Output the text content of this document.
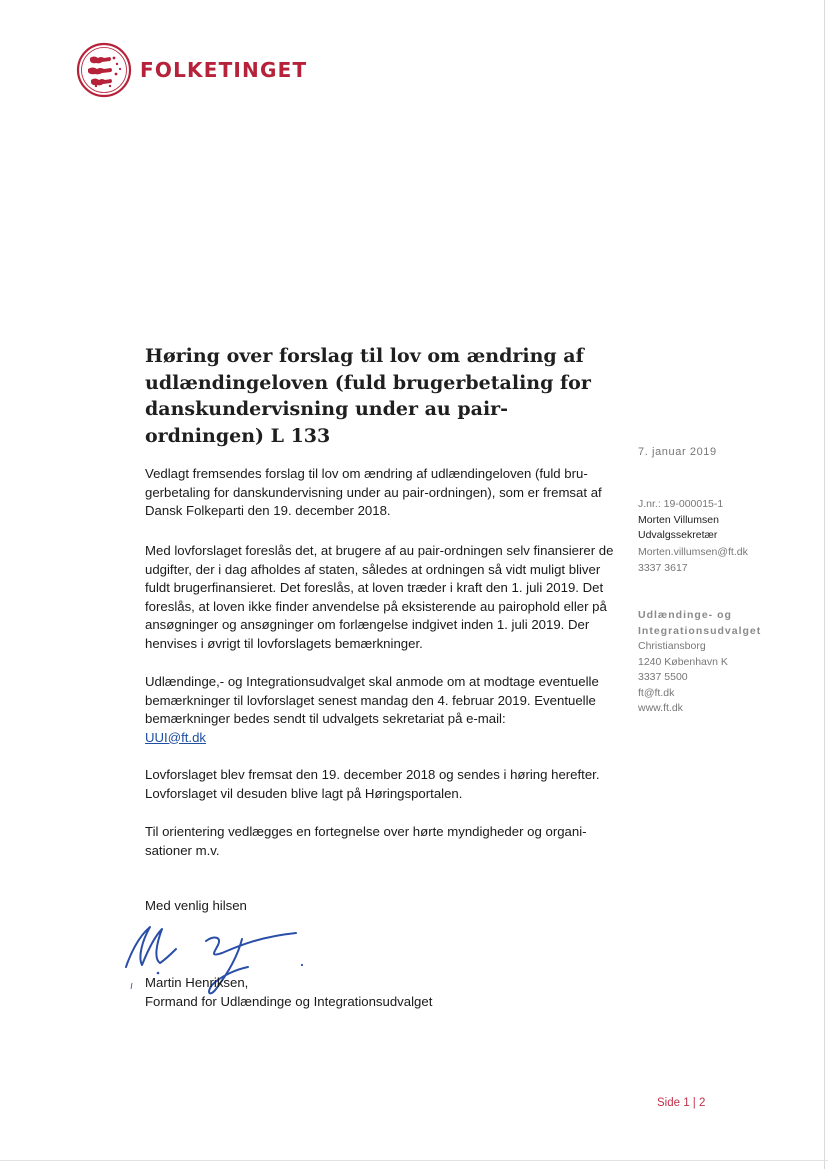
FOLKETINGET
Høring over forslag til lov om ændring af udlændingeloven (fuld brugerbetaling for danskundervisning under au pair-ordningen) L 133

Vedlagt fremsendes forslag til lov om ændring af udlændingeloven (fuld brugerbetaling for danskundervisning under au pair-ordningen), som er fremsat af Dansk Folkeparti den 19. december 2018.

Med lovforslaget foreslås det, at brugere af au pair-ordningen selv finansierer de udgifter, der i dag afholdes af staten, således at ordningen så vidt muligt bliver fuldt brugerfinansieret. Det foreslås, at loven træder i kraft den 1. juli 2019. Det foreslås, at loven ikke finder anvendelse på eksisterende au pairophold eller på ansøgninger og ansøgninger om forlængelse indgivet inden 1. juli 2019. Der henvises i øvrigt til lovforslagets bemærkninger.

Udlændinge,- og Integrationsudvalget skal anmode om at modtage eventuelle bemærkninger til lovforslaget senest mandag den 4. februar 2019. Eventuelle bemærkninger bedes sendt til udvalgets sekretariat på e-mail:

UUI@ft.dk

Lovforslaget blev fremsat den 19. december 2018 og sendes i høring herefter. Lovforslaget vil desuden blive lagt på Høringsportalen.

Til orientering vedlægges en fortegnelse over hørte myndigheder og organisationer m.v.

Med venlig hilsen
Martin Henriksen,
Formand for Udlændinge og Integrationsudvalget
7. januar 2019
J.nr.: 19-000015-1
Morten Villumsen
Udvalgssekretær
Morten.villumsen@ft.dk
3337 3617
Udlændinge- og
Integrationsudvalget
Christiansborg
1240 København K
3337 5500
ft@ft.dk
www.ft.dk
Side 1 | 2
